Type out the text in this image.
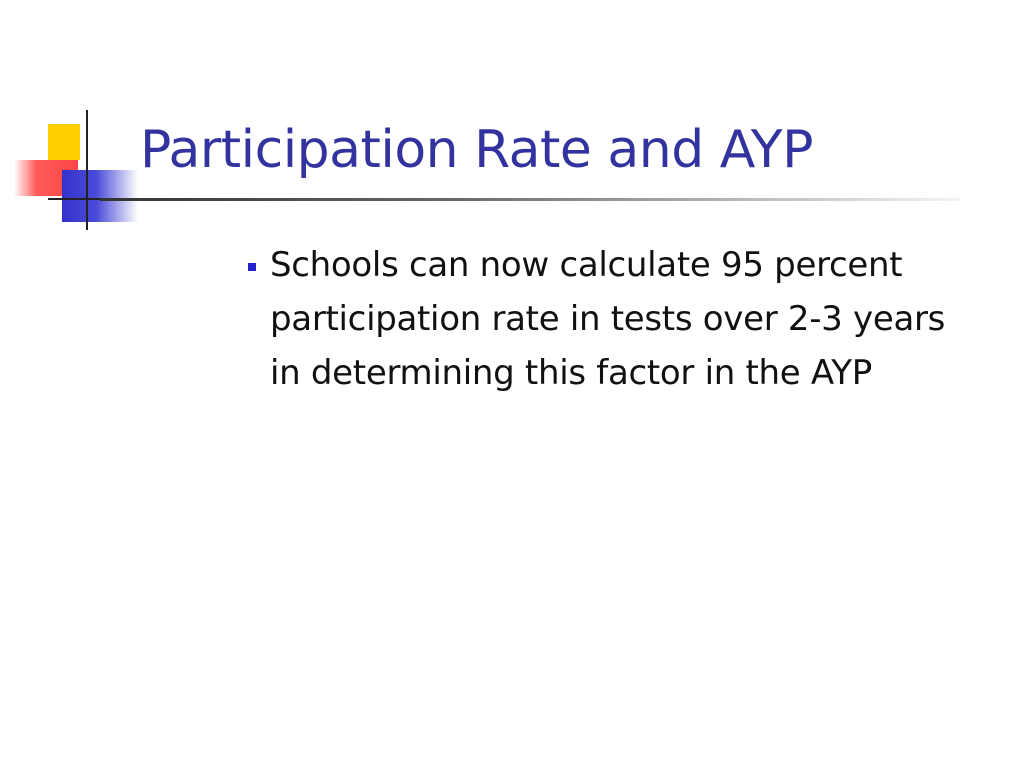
Participation Rate and AYP
Schools can now calculate 95 percent participation rate in tests over 2-3 years in determining this factor in the AYP
